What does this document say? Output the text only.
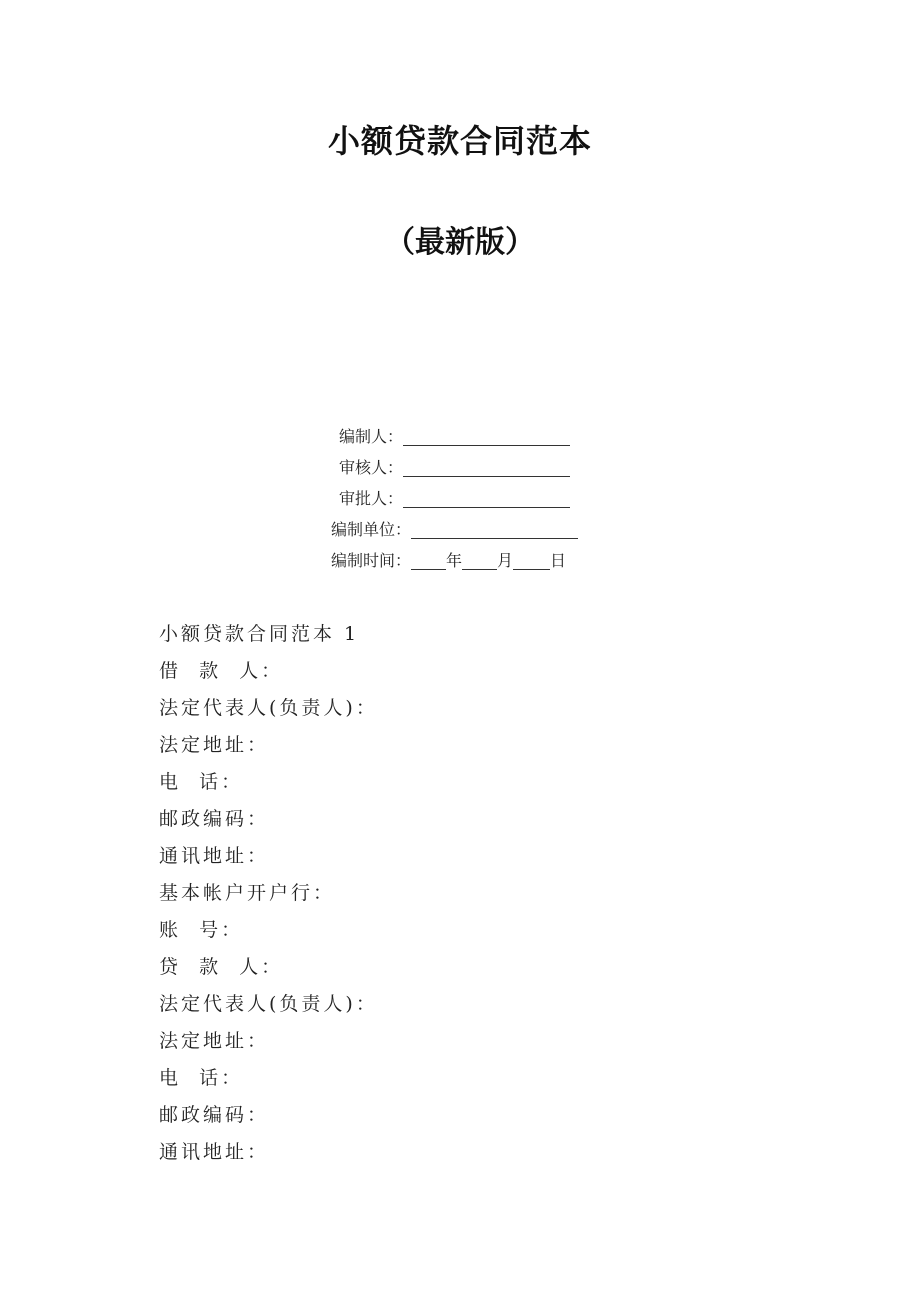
小额贷款合同范本
（最新版）
编制人：
审核人：
审批人：
编制单位：
编制时间： 年 月 日

小额贷款合同范本 1

借  款  人：

法定代表人(负责人)：

法定地址：

电  话：

邮政编码：

通讯地址：

基本帐户开户行：

账  号：

贷  款  人：

法定代表人(负责人)：

法定地址：

电  话：

邮政编码：

通讯地址：
